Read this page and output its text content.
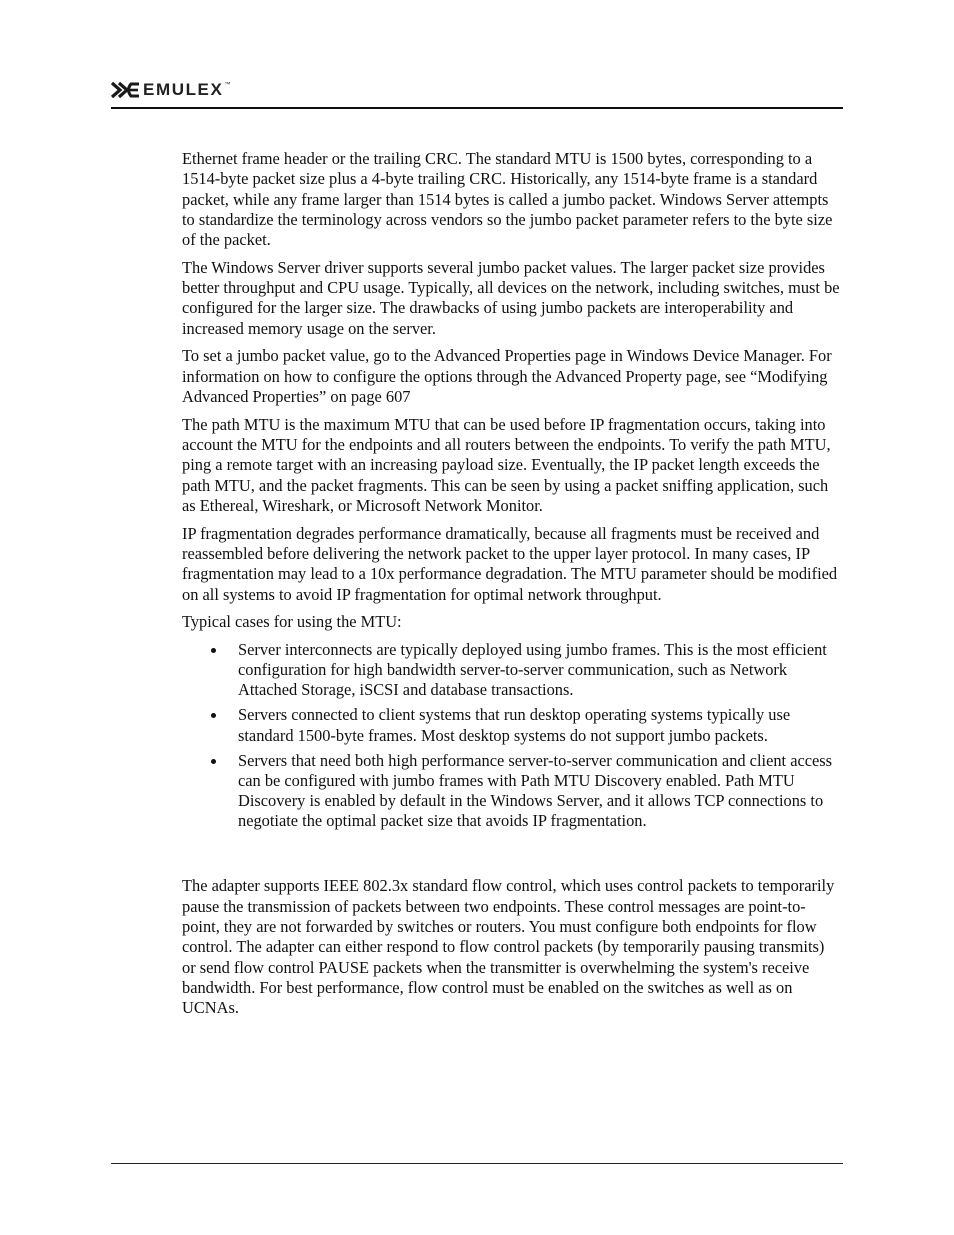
EMULEX ™

Ethernet frame header or the trailing CRC. The standard MTU is 1500 bytes, corresponding to a 1514-byte packet size plus a 4-byte trailing CRC. Historically, any 1514-byte frame is a standard packet, while any frame larger than 1514 bytes is called a jumbo packet. Windows Server attempts to standardize the terminology across vendors so the jumbo packet parameter refers to the byte size of the packet.

The Windows Server driver supports several jumbo packet values. The larger packet size provides better throughput and CPU usage. Typically, all devices on the network, including switches, must be configured for the larger size. The drawbacks of using jumbo packets are interoperability and increased memory usage on the server.

To set a jumbo packet value, go to the Advanced Properties page in Windows Device Manager. For information on how to configure the options through the Advanced Property page, see “Modifying Advanced Properties” on page 607

The path MTU is the maximum MTU that can be used before IP fragmentation occurs, taking into account the MTU for the endpoints and all routers between the endpoints. To verify the path MTU, ping a remote target with an increasing payload size. Eventually, the IP packet length exceeds the path MTU, and the packet fragments. This can be seen by using a packet sniffing application, such as Ethereal, Wireshark, or Microsoft Network Monitor.

IP fragmentation degrades performance dramatically, because all fragments must be received and reassembled before delivering the network packet to the upper layer protocol. In many cases, IP fragmentation may lead to a 10x performance degradation. The MTU parameter should be modified on all systems to avoid IP fragmentation for optimal network throughput.

Typical cases for using the MTU:

Server interconnects are typically deployed using jumbo frames. This is the most efficient configuration for high bandwidth server-to-server communication, such as Network Attached Storage, iSCSI and database transactions.
Servers connected to client systems that run desktop operating systems typically use standard 1500-byte frames. Most desktop systems do not support jumbo packets.
Servers that need both high performance server-to-server communication and client access can be configured with jumbo frames with Path MTU Discovery enabled. Path MTU Discovery is enabled by default in the Windows Server, and it allows TCP connections to negotiate the optimal packet size that avoids IP fragmentation.

The adapter supports IEEE 802.3x standard flow control, which uses control packets to temporarily pause the transmission of packets between two endpoints. These control messages are point-to-point, they are not forwarded by switches or routers. You must configure both endpoints for flow control. The adapter can either respond to flow control packets (by temporarily pausing transmits) or send flow control PAUSE packets when the transmitter is overwhelming the system's receive bandwidth. For best performance, flow control must be enabled on the switches as well as on UCNAs.
